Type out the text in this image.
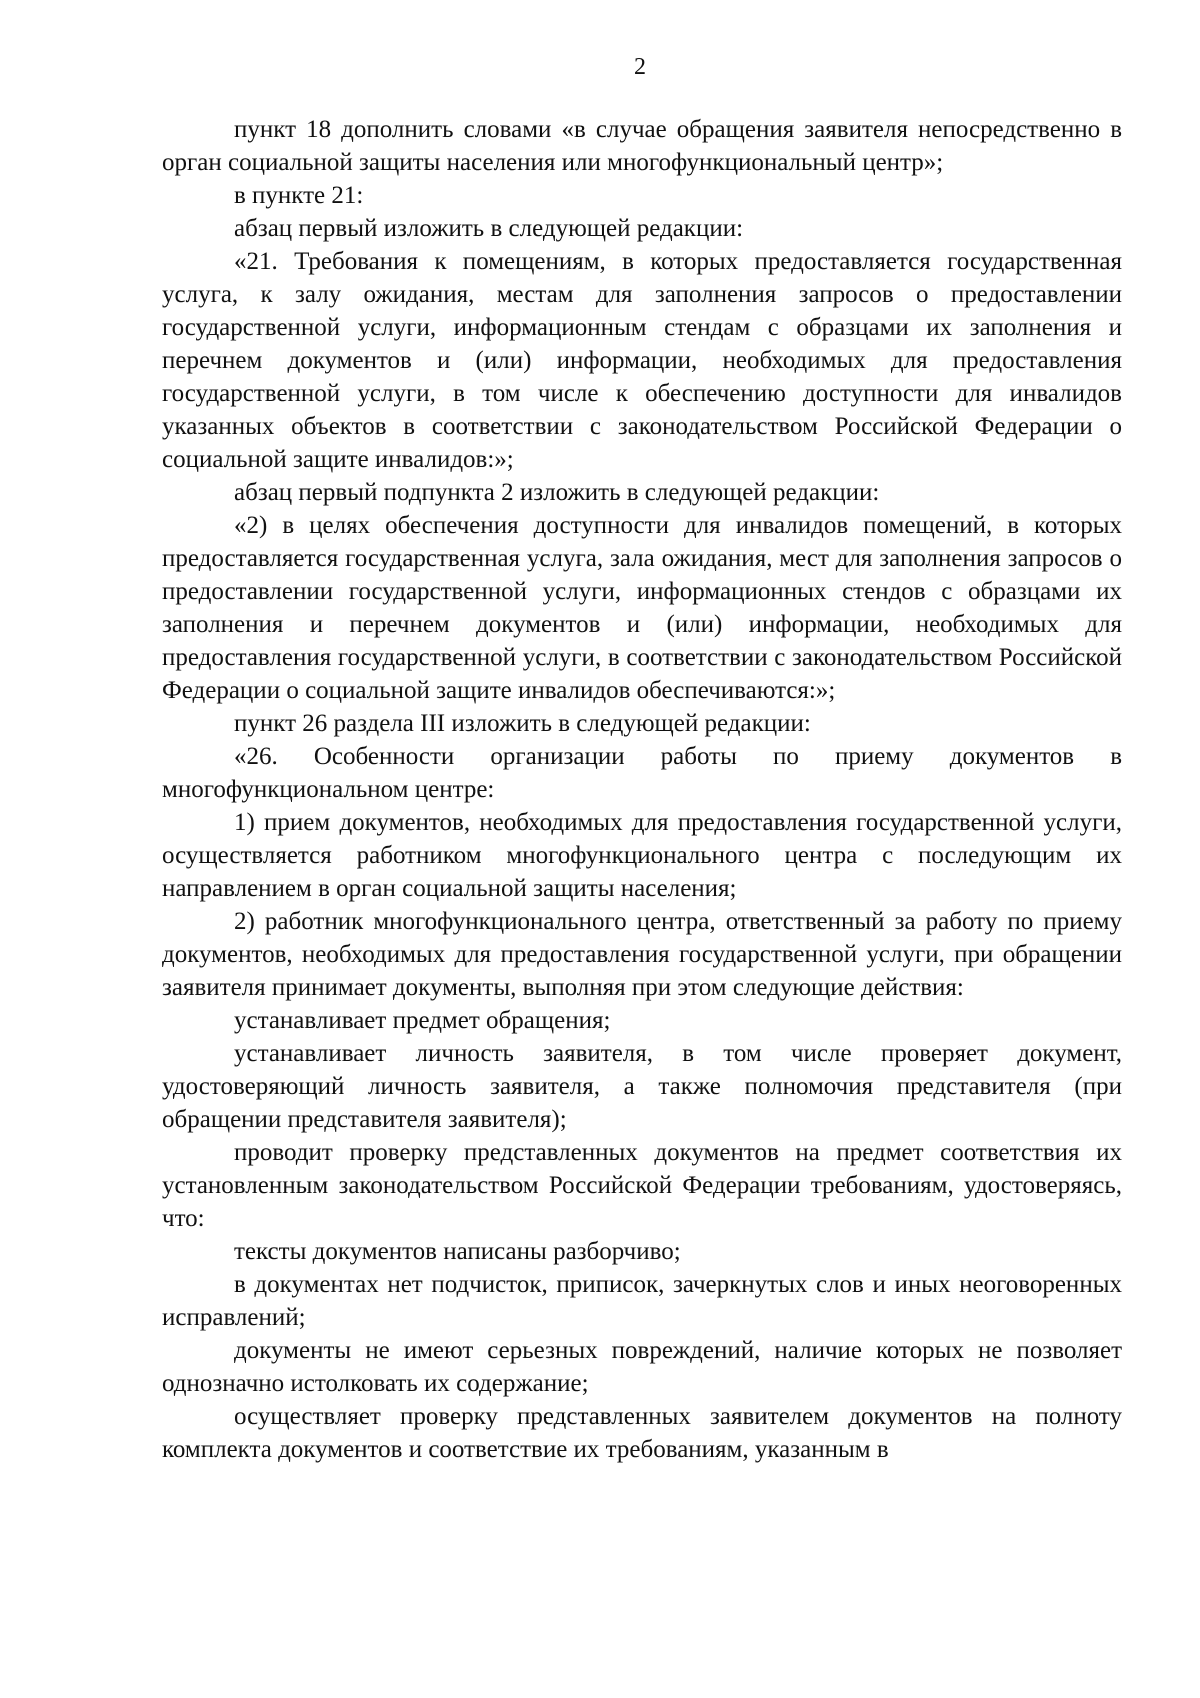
2

пункт 18 дополнить словами «в случае обращения заявителя непосредственно в орган социальной защиты населения или многофункциональный центр»;

в пункте 21:

абзац первый изложить в следующей редакции:

«21. Требования к помещениям, в которых предоставляется государственная услуга, к залу ожидания, местам для заполнения запросов о предоставлении государственной услуги, информационным стендам с образцами их заполнения и перечнем документов и (или) информации, необходимых для предоставления государственной услуги, в том числе к обеспечению доступности для инвалидов указанных объектов в соответствии с законодательством Российской Федерации о социальной защите инвалидов:»;

абзац первый подпункта 2 изложить в следующей редакции:

«2) в целях обеспечения доступности для инвалидов помещений, в которых предоставляется государственная услуга, зала ожидания, мест для заполнения запросов о предоставлении государственной услуги, информационных стендов с образцами их заполнения и перечнем документов и (или) информации, необходимых для предоставления государственной услуги, в соответствии с законодательством Российской Федерации о социальной защите инвалидов обеспечиваются:»;

пункт 26 раздела III изложить в следующей редакции:

«26. Особенности организации работы по приему документов в многофункциональном центре:

1) прием документов, необходимых для предоставления государственной услуги, осуществляется работником многофункционального центра с последующим их направлением в орган социальной защиты населения;

2) работник многофункционального центра, ответственный за работу по приему документов, необходимых для предоставления государственной услуги, при обращении заявителя принимает документы, выполняя при этом следующие действия:

устанавливает предмет обращения;

устанавливает личность заявителя, в том числе проверяет документ, удостоверяющий личность заявителя, а также полномочия представителя (при обращении представителя заявителя);

проводит проверку представленных документов на предмет соответствия их установленным законодательством Российской Федерации требованиям, удостоверяясь, что:

тексты документов написаны разборчиво;

в документах нет подчисток, приписок, зачеркнутых слов и иных неоговоренных исправлений;

документы не имеют серьезных повреждений, наличие которых не позволяет однозначно истолковать их содержание;

осуществляет проверку представленных заявителем документов на полноту комплекта документов и соответствие их требованиям, указанным в
